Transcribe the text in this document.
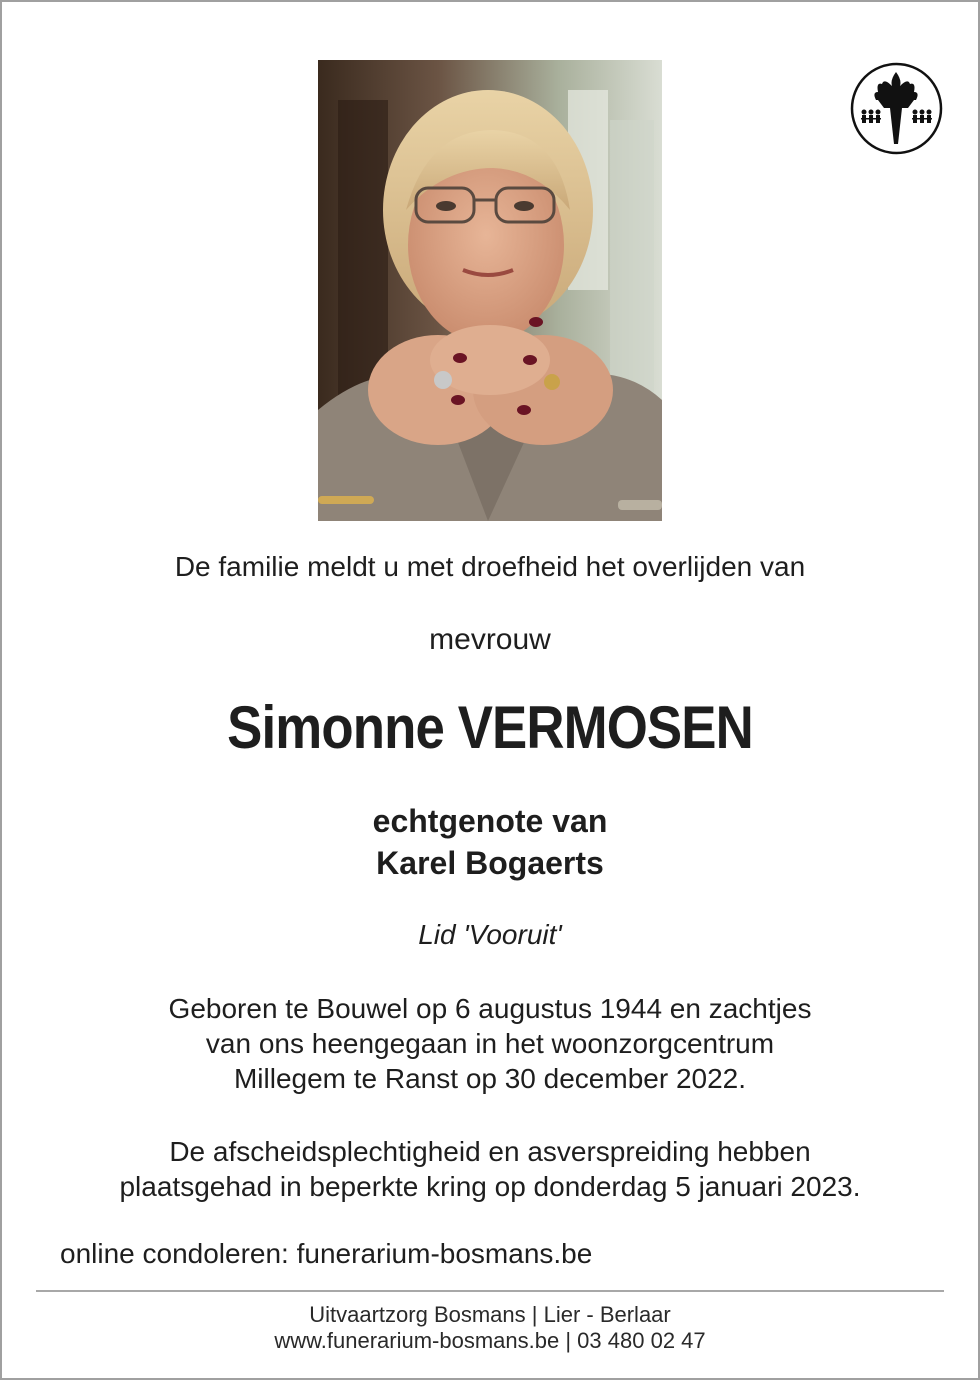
De familie meldt u met droefheid het overlijden van
mevrouw
Simonne VERMOSEN
echtgenote van
Karel Bogaerts
Lid 'Vooruit'
Geboren te Bouwel op 6 augustus 1944 en zachtjes
van ons heengegaan in het woonzorgcentrum
Millegem te Ranst op 30 december 2022.
De afscheidsplechtigheid en asverspreiding hebben
plaatsgehad in beperkte kring op donderdag 5 januari 2023.
online condoleren: funerarium-bosmans.be
Uitvaartzorg Bosmans | Lier - Berlaar
www.funerarium-bosmans.be | 03 480 02 47
